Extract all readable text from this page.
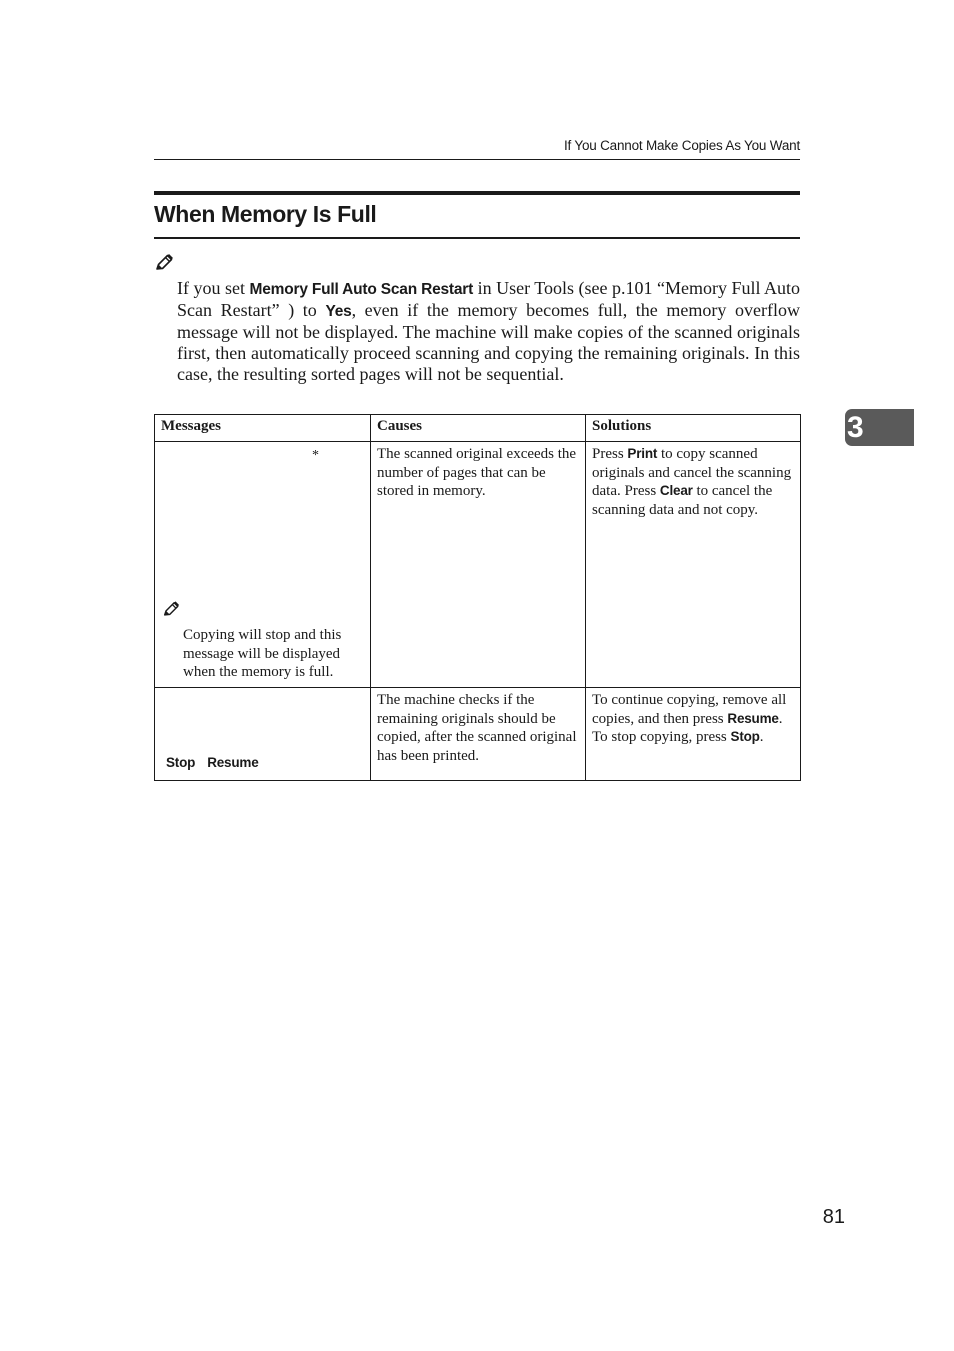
If You Cannot Make Copies As You Want
When Memory Is Full

If you set Memory Full Auto Scan Restart in User Tools (see p.101 “Memory Full Auto Scan Restart” ) to Yes, even if the memory becomes full, the memory overflow message will not be displayed. The machine will make copies of the scanned originals first, then automatically proceed scanning and copying the remaining originals. In this case, the resulting sorted pages will not be sequential.

3
Messages	Causes	Solutions

*

Copying will stop and this message will be displayed when the memory is full.	The scanned original exceeds the number of pages that can be stored in memory.	Press Print to copy scanned originals and cancel the scanning data. Press Clear to cancel the scanning data and not copy.

Stop Resume	The machine checks if the remaining originals should be copied, after the scanned original has been printed.	To continue copying, remove all copies, and then press Resume. To stop copying, press Stop.

81
